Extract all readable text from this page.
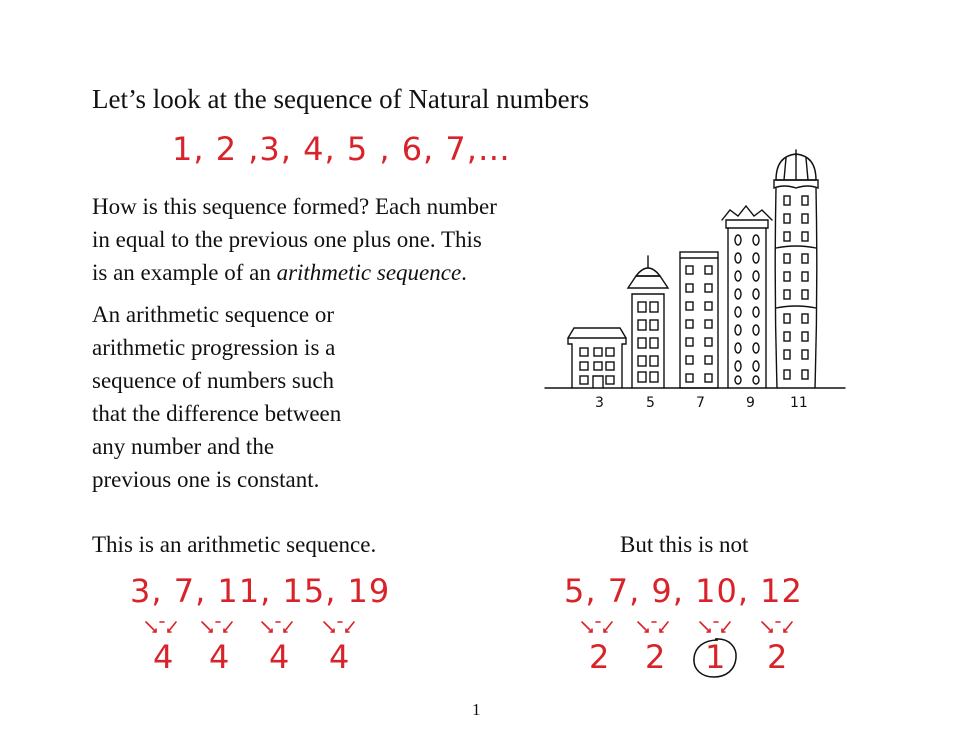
Let’s look at the sequence of Natural numbers
1, 2 ,3, 4, 5 , 6, 7,…
How is this sequence formed? Each number
in equal to the previous one plus one. This
is an example of an arithmetic sequence.
An arithmetic sequence or
arithmetic progression is a
sequence of numbers such
that the difference between
any number and the
previous one is constant.
3	5	7	9	11
This is an arithmetic sequence.	But this is not
3, 7, 11, 15, 19	5, 7, 9, 10, 12
4 4 4 4	2 2 1 2
1
